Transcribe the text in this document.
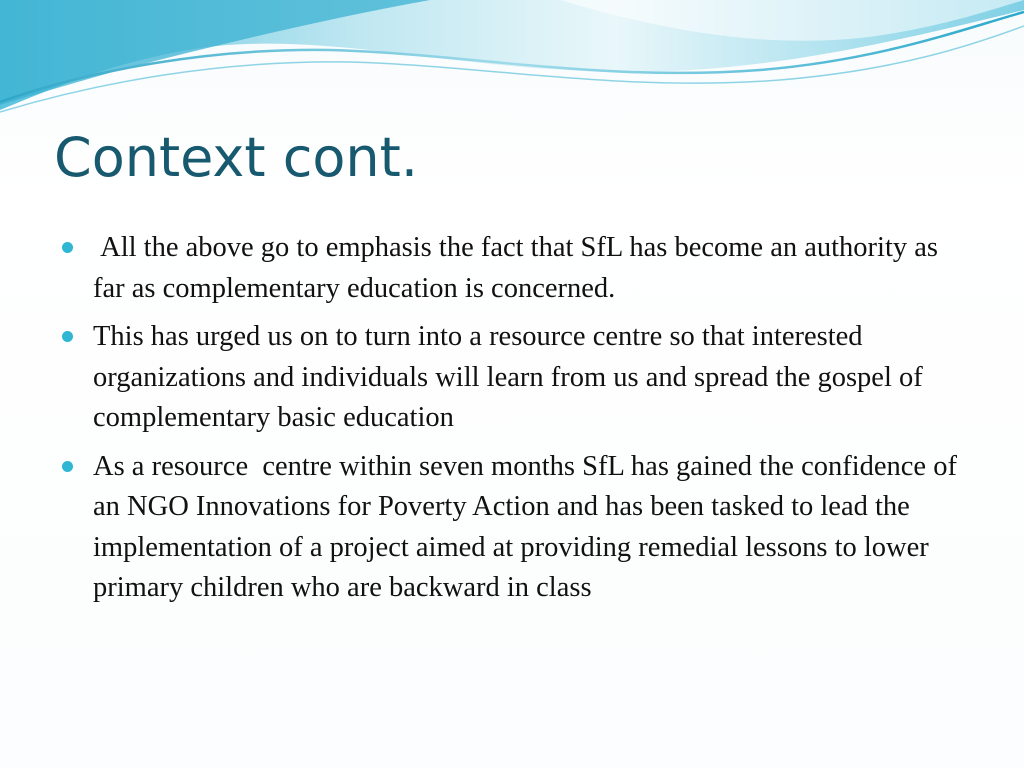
Context cont.
All the above go to emphasis the fact that SfL has become an authority as far as complementary education is concerned.
This has urged us on to turn into a resource centre so that interested organizations and individuals will learn from us and spread the gospel of complementary basic education
As a resource  centre within seven months SfL has gained the confidence of an NGO Innovations for Poverty Action and has been tasked to lead the implementation of a project aimed at providing remedial lessons to lower primary children who are backward in class
